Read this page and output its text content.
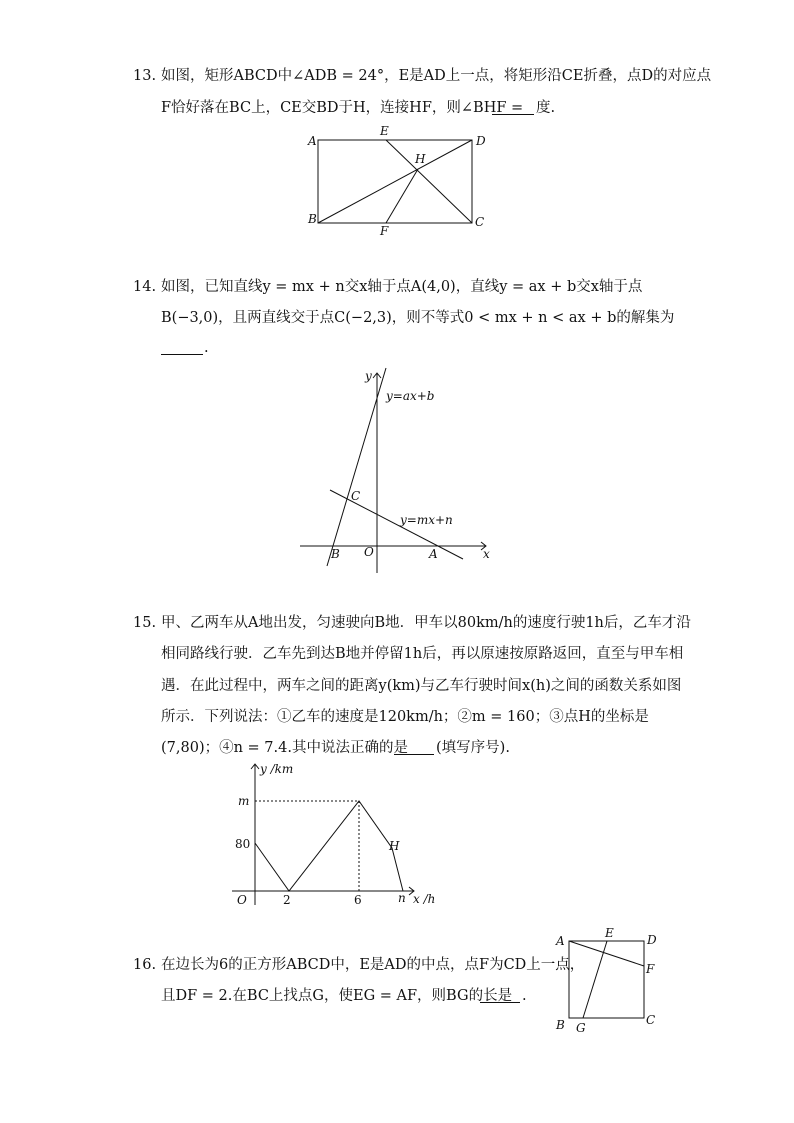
13. 如图，矩形ABCD中∠ADB = 24°，E是AD上一点，将矩形沿CE折叠，点D的对应点
F恰好落在BC上，CE交BD于H，连接HF，则∠BHF = 度.
A
E
D
H
B
F
C
14. 如图，已知直线y = mx + n交x轴于点A(4,0)，直线y = ax + b交x轴于点
B(−3,0)，且两直线交于点C(−2,3)，则不等式0 < mx + n < ax + b的解集为
.
y
y=ax+b
C
y=mx+n
B O	A	x
15. 甲、乙两车从A地出发，匀速驶向B地．甲车以80km/h的速度行驶1h后，乙车才沿
相同路线行驶．乙车先到达B地并停留1h后，再以原速按原路返回，直至与甲车相
遇．在此过程中，两车之间的距离y(km)与乙车行驶时间x(h)之间的函数关系如图
所示．下列说法：①乙车的速度是120km/h；②m = 160；③点H的坐标是
(7,80)；④n = 7.4.其中说法正确的是 (填写序号).
y /km
m
80	H
O	2	6	n x /h
16. 在边长为6的正方形ABCD中，E是AD的中点，点F为CD上一点，
且DF = 2.在BC上找点G，使EG = AF，则BG的长是 .
A
E	D
F
B G
C
